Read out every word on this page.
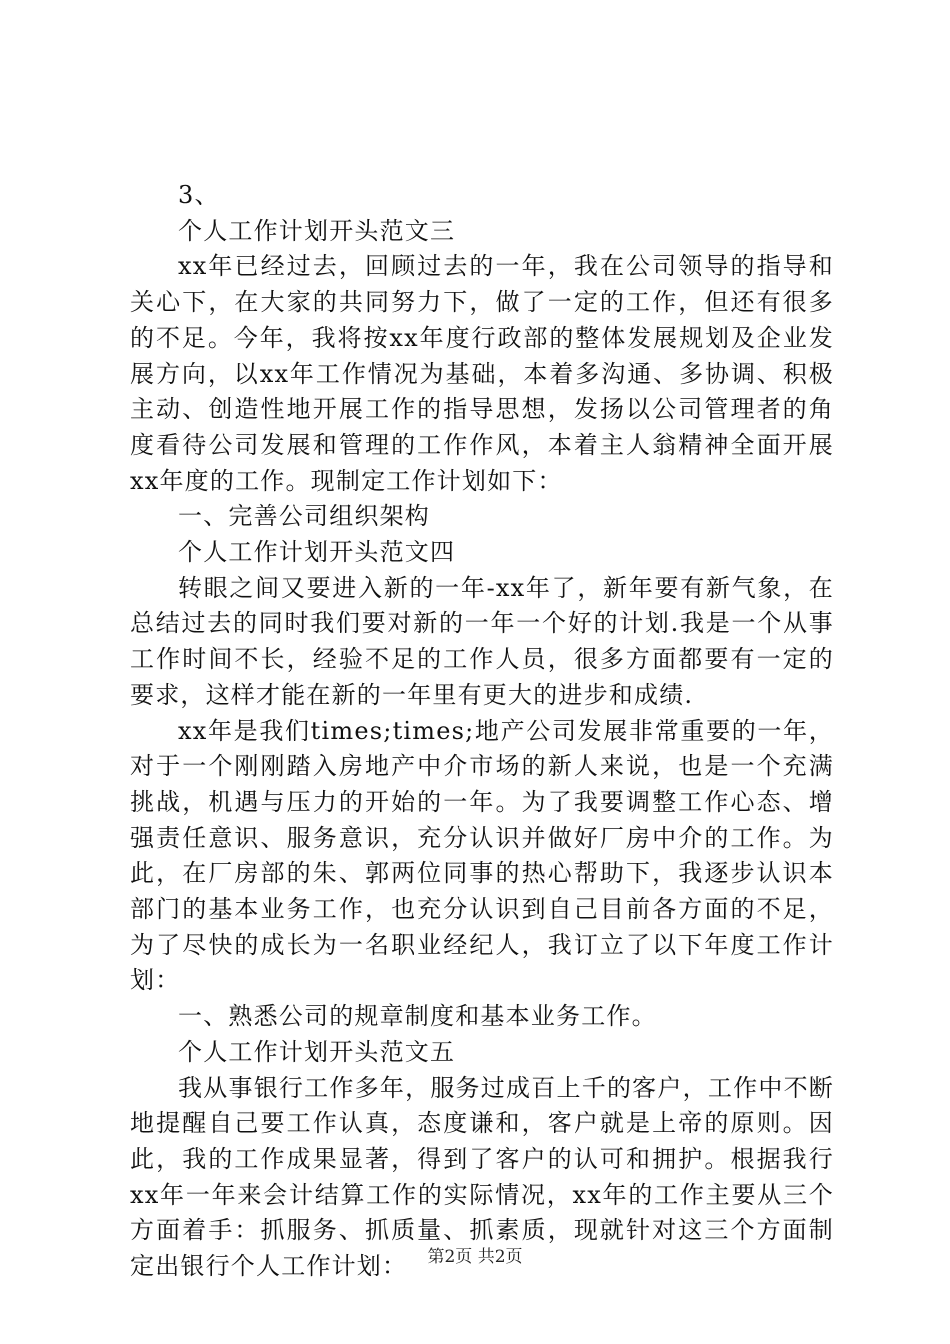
3、

个人工作计划开头范文三

xx年已经过去，回顾过去的一年，我在公司领导的指导和关心下，在大家的共同努力下，做了一定的工作，但还有很多的不足。今年，我将按xx年度行政部的整体发展规划及企业发展方向，以xx年工作情况为基础，本着多沟通、多协调、积极主动、创造性地开展工作的指导思想，发扬以公司管理者的角度看待公司发展和管理的工作作风，本着主人翁精神全面开展xx年度的工作。现制定工作计划如下：

一、完善公司组织架构

个人工作计划开头范文四

转眼之间又要进入新的一年-xx年了，新年要有新气象，在总结过去的同时我们要对新的一年一个好的计划.我是一个从事工作时间不长，经验不足的工作人员，很多方面都要有一定的要求，这样才能在新的一年里有更大的进步和成绩.

xx年是我们times;times;地产公司发展非常重要的一年，对于一个刚刚踏入房地产中介市场的新人来说，也是一个充满挑战，机遇与压力的开始的一年。为了我要调整工作心态、增强责任意识、服务意识，充分认识并做好厂房中介的工作。为此，在厂房部的朱、郭两位同事的热心帮助下，我逐步认识本部门的基本业务工作，也充分认识到自己目前各方面的不足，为了尽快的成长为一名职业经纪人，我订立了以下年度工作计划：

一、熟悉公司的规章制度和基本业务工作。

个人工作计划开头范文五

我从事银行工作多年，服务过成百上千的客户，工作中不断地提醒自己要工作认真，态度谦和，客户就是上帝的原则。因此，我的工作成果显著，得到了客户的认可和拥护。根据我行xx年一年来会计结算工作的实际情况，xx年的工作主要从三个方面着手：抓服务、抓质量、抓素质，现就针对这三个方面制定出银行个人工作计划：	第2页 共2页
